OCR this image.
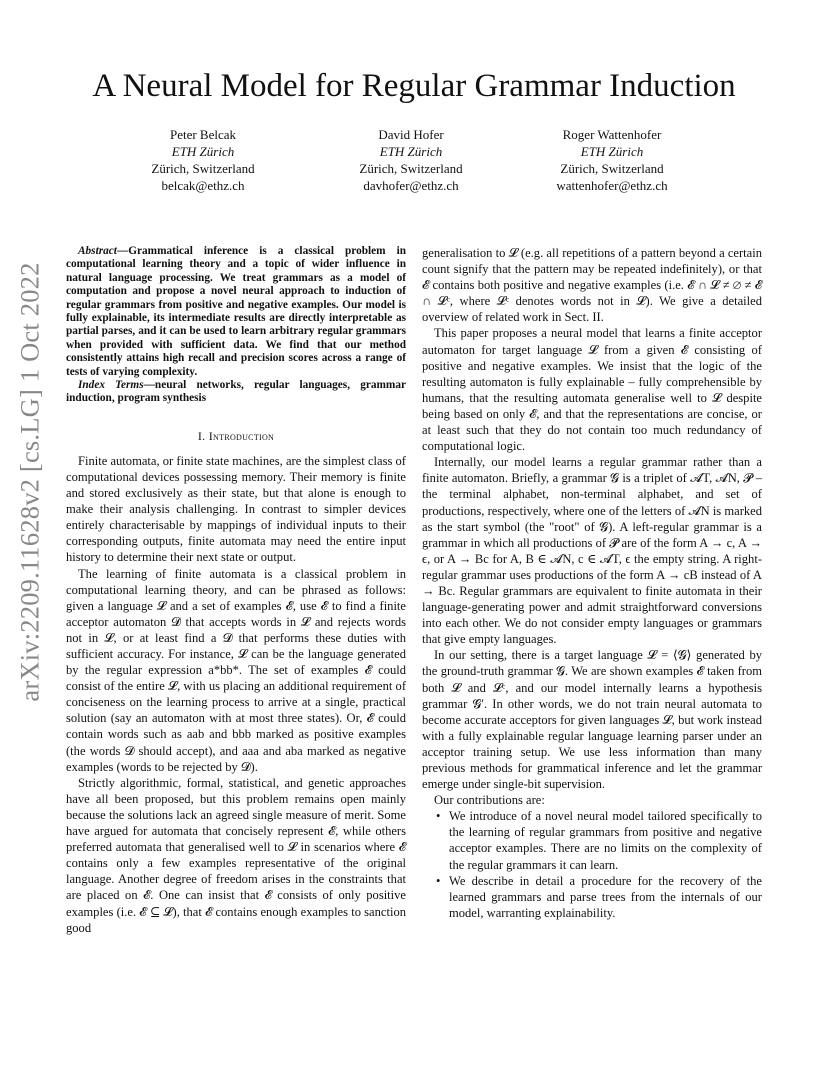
arXiv:2209.11628v2 [cs.LG] 1 Oct 2022
A Neural Model for Regular Grammar Induction
Peter Belcak
ETH Zürich
Zürich, Switzerland
belcak@ethz.ch
David Hofer
ETH Zürich
Zürich, Switzerland
davhofer@ethz.ch
Roger Wattenhofer
ETH Zürich
Zürich, Switzerland
wattenhofer@ethz.ch

Abstract—Grammatical inference is a classical problem in computational learning theory and a topic of wider influence in natural language processing. We treat grammars as a model of computation and propose a novel neural approach to induction of regular grammars from positive and negative examples. Our model is fully explainable, its intermediate results are directly interpretable as partial parses, and it can be used to learn arbitrary regular grammars when provided with sufficient data. We find that our method consistently attains high recall and precision scores across a range of tests of varying complexity.

Index Terms—neural networks, regular languages, grammar induction, program synthesis

I. Introduction

Finite automata, or finite state machines, are the simplest class of computational devices possessing memory. Their memory is finite and stored exclusively as their state, but that alone is enough to make their analysis challenging. In contrast to simpler devices entirely characterisable by mappings of individual inputs to their corresponding outputs, finite automata may need the entire input history to determine their next state or output.

The learning of finite automata is a classical problem in computational learning theory, and can be phrased as follows: given a language 𝓛 and a set of examples 𝓔, use 𝓔 to find a finite acceptor automaton 𝓓 that accepts words in 𝓛 and rejects words not in 𝓛, or at least find a 𝓓 that performs these duties with sufficient accuracy. For instance, 𝓛 can be the language generated by the regular expression a*bb*. The set of examples 𝓔 could consist of the entire 𝓛, with us placing an additional requirement of conciseness on the learning process to arrive at a single, practical solution (say an automaton with at most three states). Or, 𝓔 could contain words such as aab and bbb marked as positive examples (the words 𝓓 should accept), and aaa and aba marked as negative examples (words to be rejected by 𝓓).

Strictly algorithmic, formal, statistical, and genetic approaches have all been proposed, but this problem remains open mainly because the solutions lack an agreed single measure of merit. Some have argued for automata that concisely represent 𝓔, while others preferred automata that generalised well to 𝓛 in scenarios where 𝓔 contains only a few examples representative of the original language. Another degree of freedom arises in the constraints that are placed on 𝓔. One can insist that 𝓔 consists of only positive examples (i.e. 𝓔 ⊆ 𝓛), that 𝓔 contains enough examples to sanction good

generalisation to 𝓛 (e.g. all repetitions of a pattern beyond a certain count signify that the pattern may be repeated indefinitely), or that 𝓔 contains both positive and negative examples (i.e. 𝓔 ∩ 𝓛 ≠ ∅ ≠ 𝓔 ∩ 𝓛ᶜ, where 𝓛ᶜ denotes words not in 𝓛). We give a detailed overview of related work in Sect. II.

This paper proposes a neural model that learns a finite acceptor automaton for target language 𝓛 from a given 𝓔 consisting of positive and negative examples. We insist that the logic of the resulting automaton is fully explainable – fully comprehensible by humans, that the resulting automata generalise well to 𝓛 despite being based on only 𝓔, and that the representations are concise, or at least such that they do not contain too much redundancy of computational logic.

Internally, our model learns a regular grammar rather than a finite automaton. Briefly, a grammar 𝓖 is a triplet of 𝓐T, 𝓐N, 𝓟 – the terminal alphabet, non-terminal alphabet, and set of productions, respectively, where one of the letters of 𝓐N is marked as the start symbol (the "root" of 𝓖). A left-regular grammar is a grammar in which all productions of 𝓟 are of the form A → c, A → ϵ, or A → Bc for A, B ∈ 𝓐N, c ∈ 𝓐T, ϵ the empty string. A right-regular grammar uses productions of the form A → cB instead of A → Bc. Regular grammars are equivalent to finite automata in their language-generating power and admit straightforward conversions into each other. We do not consider empty languages or grammars that give empty languages.

In our setting, there is a target language 𝓛 = ⟨𝓖⟩ generated by the ground-truth grammar 𝓖. We are shown examples 𝓔 taken from both 𝓛 and 𝓛ᶜ, and our model internally learns a hypothesis grammar 𝓖′. In other words, we do not train neural automata to become accurate acceptors for given languages 𝓛, but work instead with a fully explainable regular language learning parser under an acceptor training setup. We use less information than many previous methods for grammatical inference and let the grammar emerge under single-bit supervision.

Our contributions are:

• We introduce of a novel neural model tailored specifically to the learning of regular grammars from positive and negative acceptor examples. There are no limits on the complexity of the regular grammars it can learn.
• We describe in detail a procedure for the recovery of the learned grammars and parse trees from the internals of our model, warranting explainability.
